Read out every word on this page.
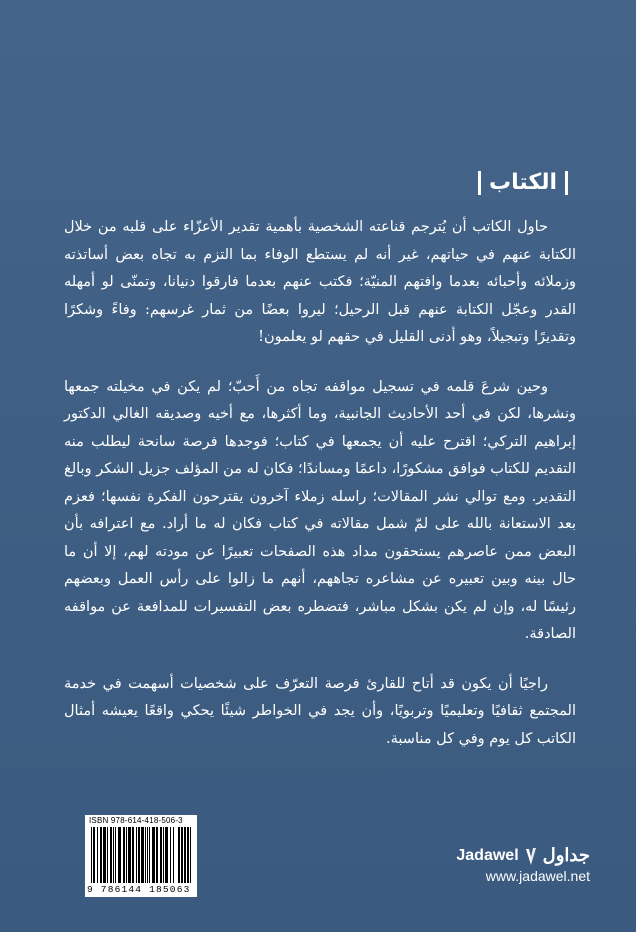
الكتاب

حاول الكاتب أن يُترجم قناعته الشخصية بأهمية تقدير الأعزّاء على قلبه من خلال الكتابة عنهم في حياتهم، غير أنه لم يستطع الوفاء بما التزم به تجاه بعض أساتذته وزملائه وأحبائه بعدما وافتهم المنيّة؛ فكتب عنهم بعدما فارقوا دنيانا، وتمنّى لو أمهله القدر وعجّل الكتابة عنهم قبل الرحيل؛ ليروا بعضًا من ثمار غرسهم: وفاءً وشكرًا وتقديرًا وتبجيلاً، وهو أدنى القليل في حقهم لو يعلمون!

وحين شرعَ قلمه في تسجيل مواقفه تجاه من أَحبّ؛ لم يكن في مخيلته جمعها ونشرها، لكن في أحد الأحاديث الجانبية، وما أكثرها، مع أخيه وصديقه الغالي الدكتور إبراهيم التركي؛ اقترح عليه أن يجمعها في كتاب؛ فوجدها فرصة سانحة ليطلب منه التقديم للكتاب فوافق مشكورًا، داعمًا ومساندًا؛ فكان له من المؤلف جزيل الشكر وبالغ التقدير. ومع توالي نشر المقالات؛ راسله زملاء آخرون يقترحون الفكرة نفسها؛ فعزم بعد الاستعانة بالله على لمّ شمل مقالاته في كتاب فكان له ما أراد. مع اعترافه بأن البعض ممن عاصرهم يستحقون مداد هذه الصفحات تعبيرًا عن مودته لهم، إلا أن ما حال بينه وبين تعبيره عن مشاعره تجاههم، أنهم ما زالوا على رأس العمل وبعضهم رئيسًا له، وإن لم يكن بشكل مباشر، فتضطره بعض التفسيرات للمدافعة عن مواقفه الصادقة.

راجيًا أن يكون قد أتاح للقارئ فرصة التعرّف على شخصيات أسهمت في خدمة المجتمع ثقافيًا وتعليميًا وتربويًا، وأن يجد في الخواطر شيئًا يحكي واقعًا يعيشه أمثال الكاتب كل يوم وفي كل مناسبة.

ISBN 978-614-418-506-3
9 786144 185063
Jadawel جداول
www.jadawel.net
